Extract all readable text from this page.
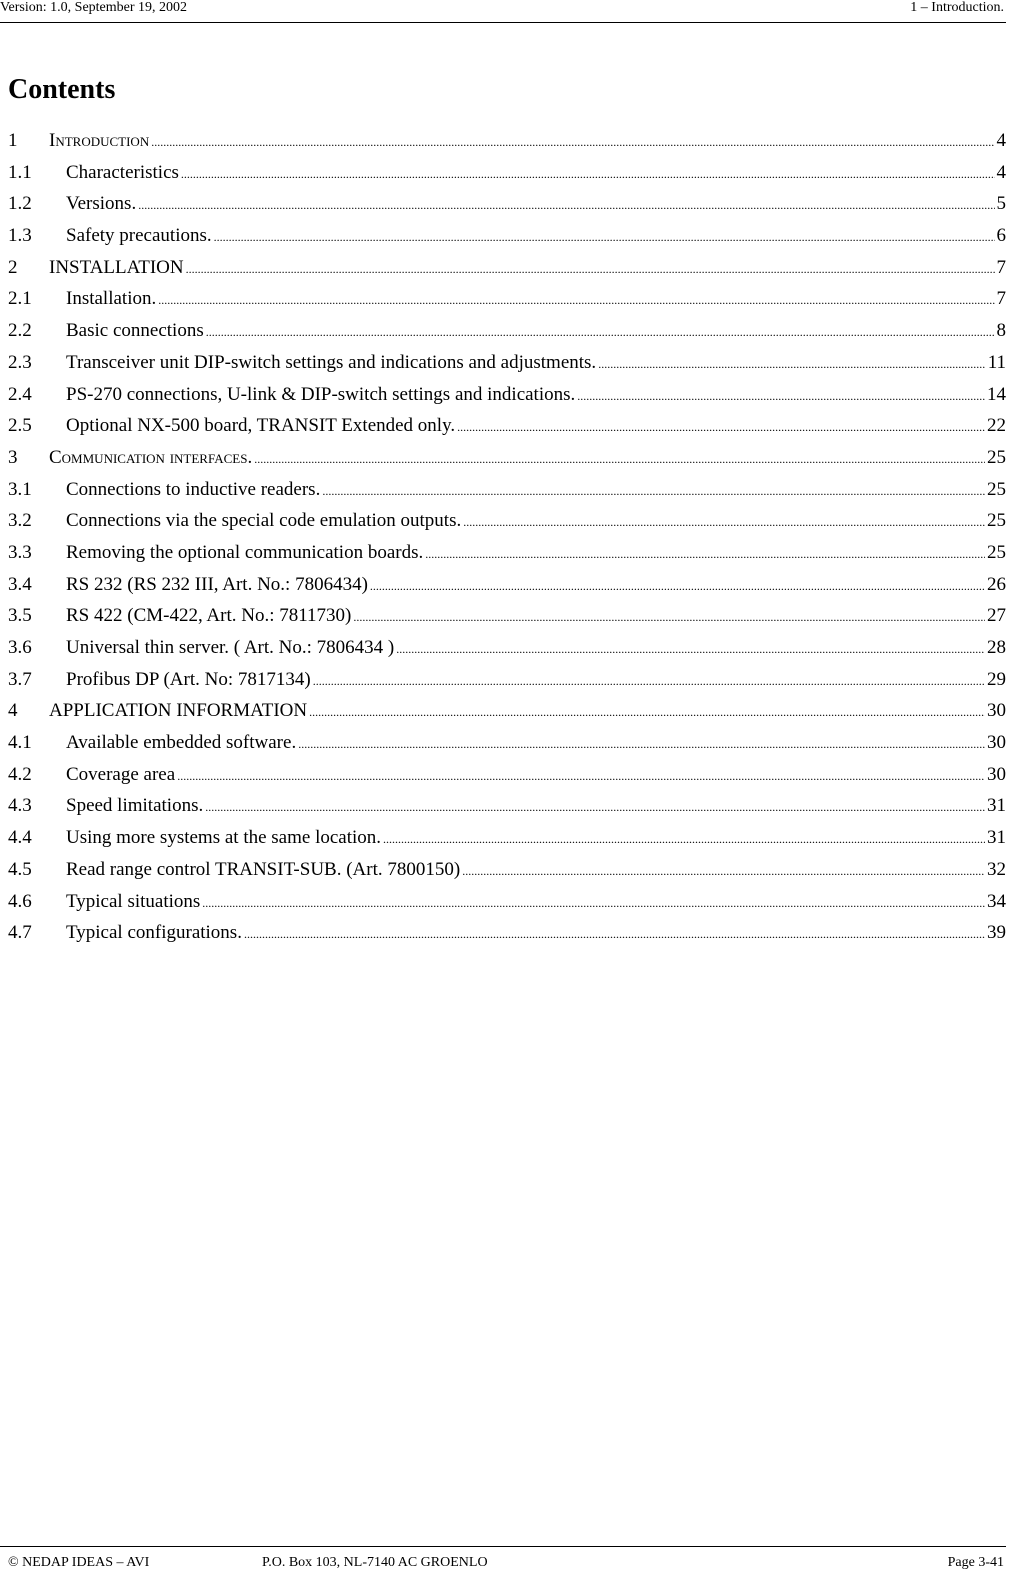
Version: 1.0, September 19, 2002	1 – Introduction.
Contents
1	Introduction .....	4
1.1	Characteristics .....	4
1.2	Versions. .....	5
1.3	Safety precautions. .....	6
2	INSTALLATION .....	7
2.1	Installation. .....	7
2.2	Basic connections .....	8
2.3	Transceiver unit DIP-switch settings and indications and adjustments. .....	11
2.4	PS-270 connections, U-link & DIP-switch settings and indications. .....	14
2.5	Optional NX-500 board, TRANSIT Extended only. .....	22
3	Communication interfaces. .....	25
3.1	Connections to inductive readers. .....	25
3.2	Connections via the special code emulation outputs. .....	25
3.3	Removing the optional communication boards. .....	25
3.4	RS 232 (RS 232 III, Art. No.: 7806434) .....	26
3.5	RS 422 (CM-422, Art. No.: 7811730) .....	27
3.6	Universal thin server. ( Art. No.: 7806434 ) .....	28
3.7	Profibus DP (Art. No: 7817134) .....	29
4	APPLICATION INFORMATION .....	30
4.1	Available embedded software. .....	30
4.2	Coverage area .....	30
4.3	Speed limitations. .....	31
4.4	Using more systems at the same location. .....	31
4.5	Read range control TRANSIT-SUB. (Art. 7800150) .....	32
4.6	Typical situations .....	34
4.7	Typical configurations. .....	39
© NEDAP IDEAS – AVI	P.O. Box 103, NL-7140 AC GROENLO	Page 3-41
